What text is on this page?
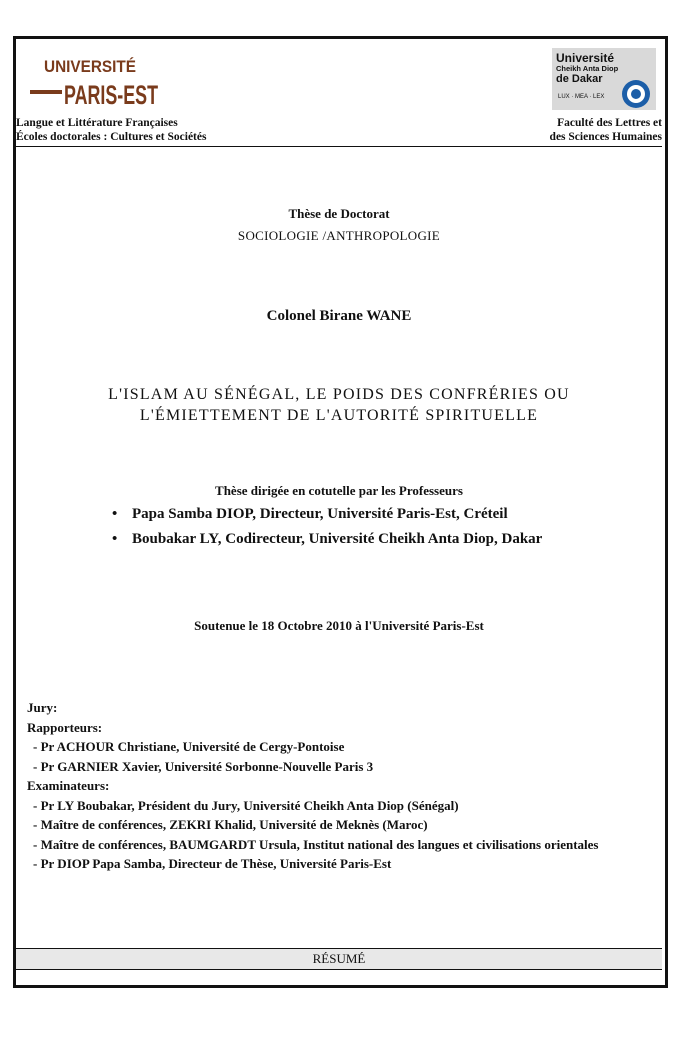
UNIVERSITÉ
PARIS-EST
Université
Cheikh Anta Diop
de Dakar
LUX · MEA · LEX
Langue et Littérature Françaises
Écoles doctorales : Cultures et Sociétés
Faculté des Lettres et
des Sciences Humaines
Thèse de Doctorat
SOCIOLOGIE /ANTHROPOLOGIE
Colonel Birane WANE
L'ISLAM AU SÉNÉGAL, LE POIDS DES CONFRÉRIES OU
L'ÉMIETTEMENT DE L'AUTORITÉ SPIRITUELLE
Thèse dirigée en cotutelle par les Professeurs
• Papa Samba DIOP, Directeur, Université Paris-Est, Créteil
• Boubakar LY, Codirecteur, Université Cheikh Anta Diop, Dakar
Soutenue le 18 Octobre 2010 à l'Université Paris-Est
Jury:
Rapporteurs:
- Pr ACHOUR Christiane, Université de Cergy-Pontoise
- Pr GARNIER Xavier, Université Sorbonne-Nouvelle Paris 3
Examinateurs:
- Pr LY Boubakar, Président du Jury, Université Cheikh Anta Diop (Sénégal)
- Maître de conférences, ZEKRI Khalid, Université de Meknès (Maroc)
- Maître de conférences, BAUMGARDT Ursula, Institut national des langues et civilisations orientales
- Pr DIOP Papa Samba, Directeur de Thèse, Université Paris-Est
RÉSUMÉ
